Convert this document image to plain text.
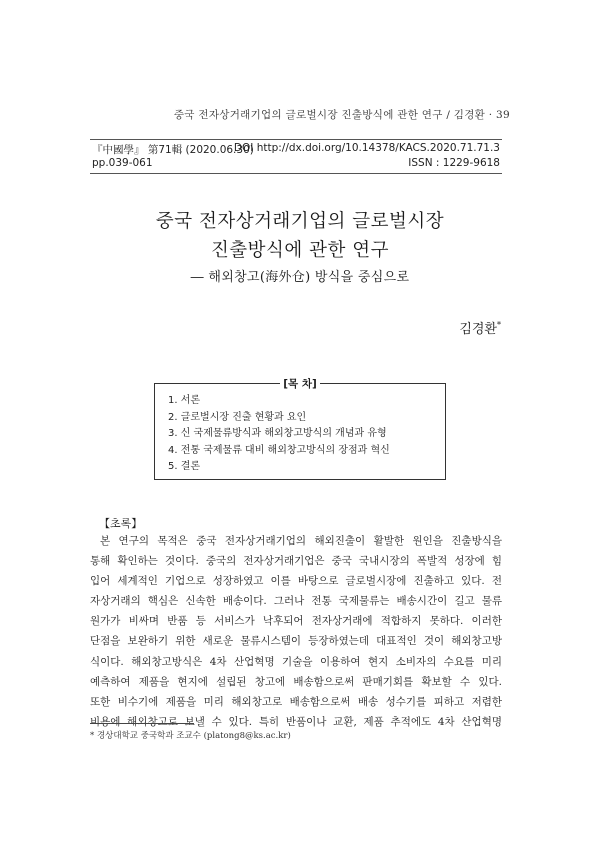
중국 전자상거래기업의 글로벌시장 진출방식에 관한 연구 / 김경환 · 39
『中國學』 第71輯 (2020.06.30)
DOI http://dx.doi.org/10.14378/KACS.2020.71.71.3
pp.039-061	ISSN : 1229-9618
중국 전자상거래기업의 글로벌시장
진출방식에 관한 연구
― 해외창고(海外仓) 방식을 중심으로
김경환*
[목 차]
1. 서론
2. 글로벌시장 진출 현황과 요인
3. 신 국제물류방식과 해외창고방식의 개념과 유형
4. 전통 국제물류 대비 해외창고방식의 장점과 혁신
5. 결론
【초록】
본 연구의 목적은 중국 전자상거래기업의 해외진출이 활발한 원인을 진출방식을
통해 확인하는 것이다. 중국의 전자상거래기업은 중국 국내시장의 폭발적 성장에 힘
입어 세계적인 기업으로 성장하였고 이를 바탕으로 글로벌시장에 진출하고 있다. 전
자상거래의 핵심은 신속한 배송이다. 그러나 전통 국제물류는 배송시간이 길고 물류
원가가 비싸며 반품 등 서비스가 낙후되어 전자상거래에 적합하지 못하다. 이러한
단점을 보완하기 위한 새로운 물류시스템이 등장하였는데 대표적인 것이 해외창고방
식이다. 해외창고방식은 4차 산업혁명 기술을 이용하여 현지 소비자의 수요를 미리
예측하여 제품을 현지에 설립된 창고에 배송함으로써 판매기회를 확보할 수 있다.
또한 비수기에 제품을 미리 해외창고로 배송함으로써 배송 성수기를 피하고 저렴한
비용에 해외창고로 보낼 수 있다. 특히 반품이나 교환, 제품 추적에도 4차 산업혁명
* 경상대학교 중국학과 조교수 (platong8@ks.ac.kr)
